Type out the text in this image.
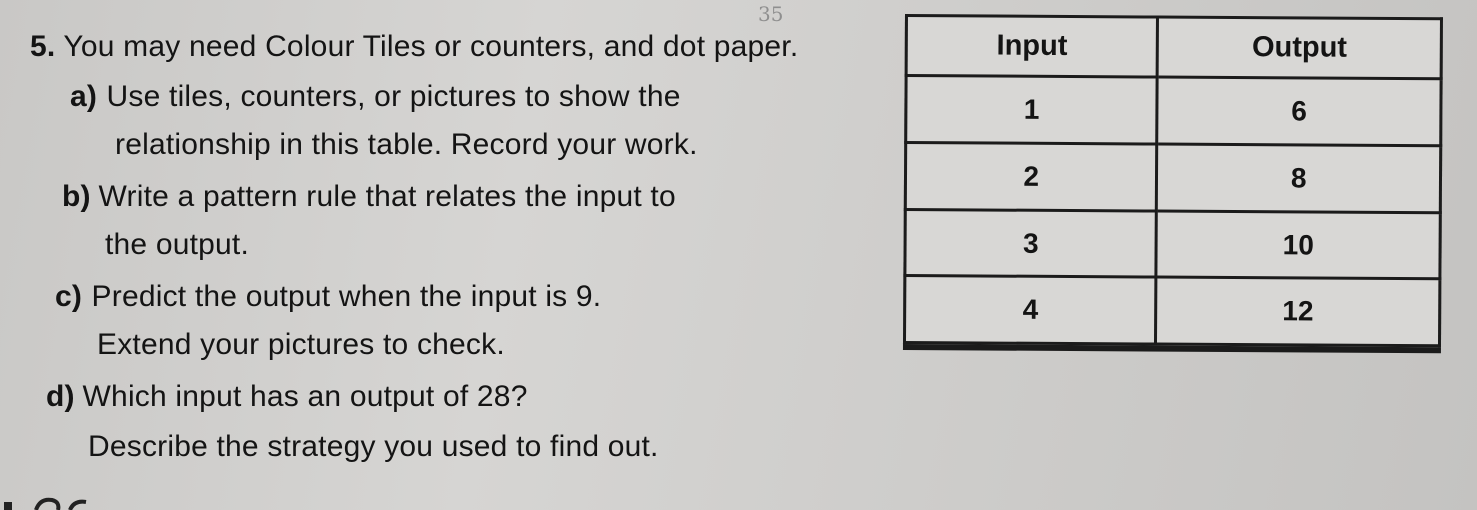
35
5. You may need Colour Tiles or counters, and dot paper.
a) Use tiles, counters, or pictures to show the
relationship in this table. Record your work.
b) Write a pattern rule that relates the input to
the output.
c) Predict the output when the input is 9.
Extend your pictures to check.
d) Which input has an output of 28?
Describe the strategy you used to find out.
Input	Output
1	6
2	8
3	10
4	12
